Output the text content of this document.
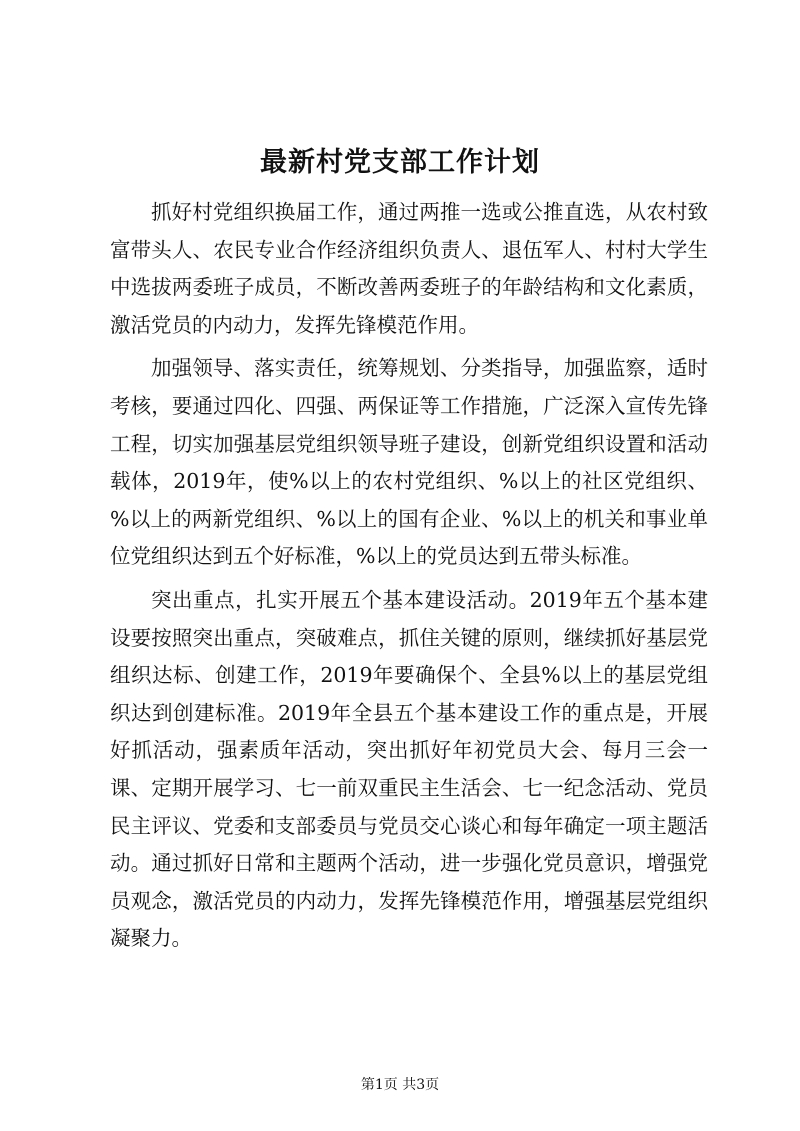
最新村党支部工作计划

抓好村党组织换届工作，通过两推一选或公推直选，从农村致富带头人、农民专业合作经济组织负责人、退伍军人、村村大学生中选拔两委班子成员，不断改善两委班子的年龄结构和文化素质，激活党员的内动力，发挥先锋模范作用。

加强领导、落实责任，统筹规划、分类指导，加强监察，适时考核，要通过四化、四强、两保证等工作措施，广泛深入宣传先锋工程，切实加强基层党组织领导班子建设，创新党组织设置和活动载体，2019年，使%以上的农村党组织、%以上的社区党组织、%以上的两新党组织、%以上的国有企业、%以上的机关和事业单位党组织达到五个好标准，%以上的党员达到五带头标准。

突出重点，扎实开展五个基本建设活动。2019年五个基本建设要按照突出重点，突破难点，抓住关键的原则，继续抓好基层党组织达标、创建工作，2019年要确保个、全县%以上的基层党组织达到创建标准。2019年全县五个基本建设工作的重点是，开展好抓活动，强素质年活动，突出抓好年初党员大会、每月三会一课、定期开展学习、七一前双重民主生活会、七一纪念活动、党员民主评议、党委和支部委员与党员交心谈心和每年确定一项主题活动。通过抓好日常和主题两个活动，进一步强化党员意识，增强党员观念，激活党员的内动力，发挥先锋模范作用，增强基层党组织凝聚力。

第1页 共3页
